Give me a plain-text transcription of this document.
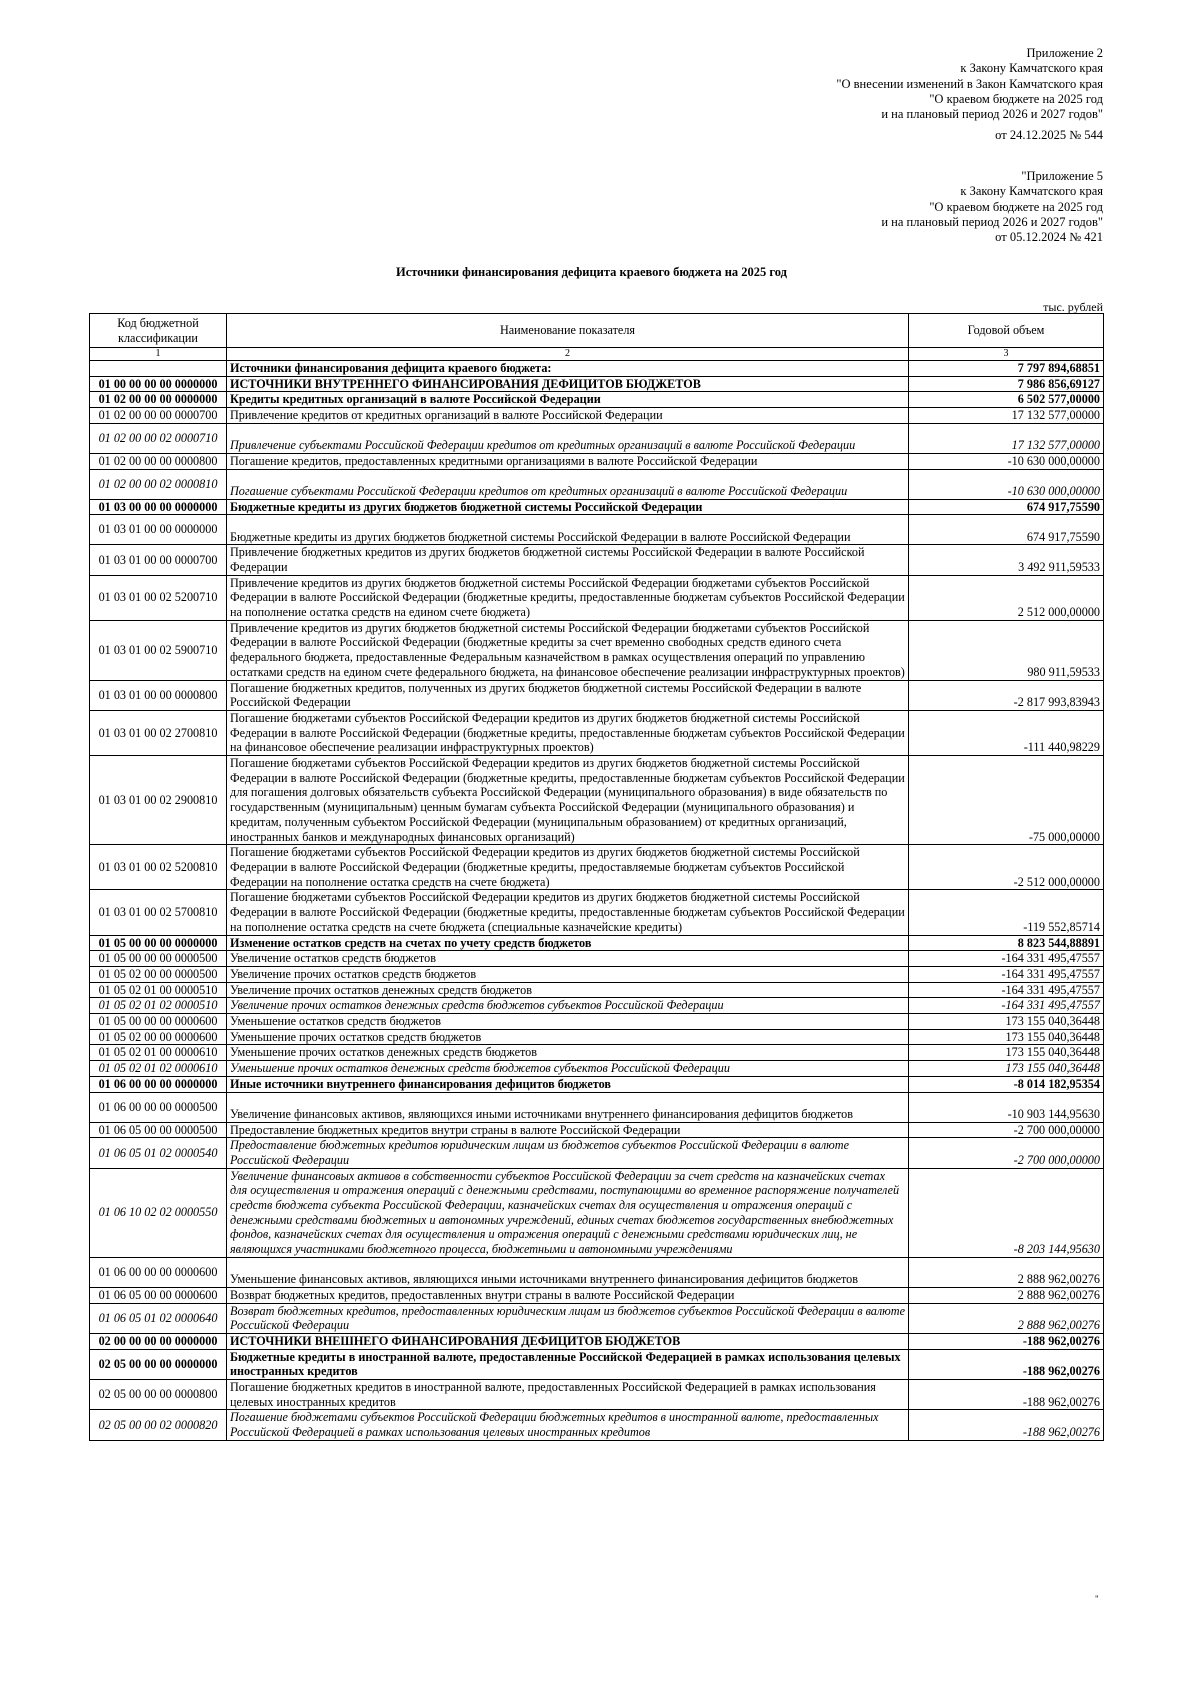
Приложение 2
к Закону Камчатского края
"О внесении изменений в Закон Камчатского края
"О краевом бюджете на 2025 год
и на плановый период 2026 и 2027 годов"
от 24.12.2025 № 544
"Приложение 5
к Закону Камчатского края
"О краевом бюджете на 2025 год
и на плановый период 2026 и 2027 годов"
от 05.12.2024 № 421
Источники финансирования дефицита краевого бюджета на 2025 год
тыс. рублей
Код бюджетной классификации	Наименование показателя	Годовой объем
1	2	3
	Источники финансирования дефицита краевого бюджета:	7 797 894,68851
01 00 00 00 00 0000000	ИСТОЧНИКИ ВНУТРЕННЕГО ФИНАНСИРОВАНИЯ ДЕФИЦИТОВ БЮДЖЕТОВ	7 986 856,69127
01 02 00 00 00 0000000	Кредиты кредитных организаций в валюте Российской Федерации	6 502 577,00000
01 02 00 00 00 0000700	Привлечение кредитов от кредитных организаций в валюте Российской Федерации	17 132 577,00000
01 02 00 00 02 0000710	Привлечение субъектами Российской Федерации кредитов от кредитных организаций в валюте Российской Федерации	17 132 577,00000
01 02 00 00 00 0000800	Погашение кредитов, предоставленных кредитными организациями в валюте Российской Федерации	-10 630 000,00000
01 02 00 00 02 0000810	Погашение субъектами Российской Федерации кредитов от кредитных организаций в валюте Российской Федерации	-10 630 000,00000
01 03 00 00 00 0000000	Бюджетные кредиты из других бюджетов бюджетной системы Российской Федерации	674 917,75590
01 03 01 00 00 0000000	Бюджетные кредиты из других бюджетов бюджетной системы Российской Федерации в валюте Российской Федерации	674 917,75590
01 03 01 00 00 0000700	Привлечение бюджетных кредитов из других бюджетов бюджетной системы Российской Федерации в валюте Российской Федерации	3 492 911,59533
01 03 01 00 02 5200710	Привлечение кредитов из других бюджетов бюджетной системы Российской Федерации бюджетами субъектов Российской Федерации в валюте Российской Федерации (бюджетные кредиты, предоставленные бюджетам субъектов Российской Федерации на пополнение остатка средств на едином счете бюджета)	2 512 000,00000
01 03 01 00 02 5900710	Привлечение кредитов из других бюджетов бюджетной системы Российской Федерации бюджетами субъектов Российской Федерации в валюте Российской Федерации (бюджетные кредиты за счет временно свободных средств единого счета федерального бюджета, предоставленные Федеральным казначейством в рамках осуществления операций по управлению остатками средств на едином счете федерального бюджета, на финансовое обеспечение реализации инфраструктурных проектов)	980 911,59533
01 03 01 00 00 0000800	Погашение бюджетных кредитов, полученных из других бюджетов бюджетной системы Российской Федерации в валюте Российской Федерации	-2 817 993,83943
01 03 01 00 02 2700810	Погашение бюджетами субъектов Российской Федерации кредитов из других бюджетов бюджетной системы Российской Федерации в валюте Российской Федерации (бюджетные кредиты, предоставленные бюджетам субъектов Российской Федерации на финансовое обеспечение реализации инфраструктурных проектов)	-111 440,98229
01 03 01 00 02 2900810	Погашение бюджетами субъектов Российской Федерации кредитов из других бюджетов бюджетной системы Российской Федерации в валюте Российской Федерации (бюджетные кредиты, предоставленные бюджетам субъектов Российской Федерации для погашения долговых обязательств субъекта Российской Федерации (муниципального образования) в виде обязательств по государственным (муниципальным) ценным бумагам субъекта Российской Федерации (муниципального образования) и кредитам, полученным субъектом Российской Федерации (муниципальным образованием) от кредитных организаций, иностранных банков и международных финансовых организаций)	-75 000,00000
01 03 01 00 02 5200810	Погашение бюджетами субъектов Российской Федерации кредитов из других бюджетов бюджетной системы Российской Федерации в валюте Российской Федерации (бюджетные кредиты, предоставляемые бюджетам субъектов Российской Федерации на пополнение остатка средств на счете бюджета)	-2 512 000,00000
01 03 01 00 02 5700810	Погашение бюджетами субъектов Российской Федерации кредитов из других бюджетов бюджетной системы Российской Федерации в валюте Российской Федерации (бюджетные кредиты, предоставленные бюджетам субъектов Российской Федерации на пополнение остатка средств на счете бюджета (специальные казначейские кредиты)	-119 552,85714
01 05 00 00 00 0000000	Изменение остатков средств на счетах по учету средств бюджетов	8 823 544,88891
01 05 00 00 00 0000500	Увеличение остатков средств бюджетов	-164 331 495,47557
01 05 02 00 00 0000500	Увеличение прочих остатков средств бюджетов	-164 331 495,47557
01 05 02 01 00 0000510	Увеличение прочих остатков денежных средств бюджетов	-164 331 495,47557
01 05 02 01 02 0000510	Увеличение прочих остатков денежных средств бюджетов субъектов Российской Федерации	-164 331 495,47557
01 05 00 00 00 0000600	Уменьшение остатков средств бюджетов	173 155 040,36448
01 05 02 00 00 0000600	Уменьшение прочих остатков средств бюджетов	173 155 040,36448
01 05 02 01 00 0000610	Уменьшение прочих остатков денежных средств бюджетов	173 155 040,36448
01 05 02 01 02 0000610	Уменьшение прочих остатков денежных средств бюджетов субъектов Российской Федерации	173 155 040,36448
01 06 00 00 00 0000000	Иные источники внутреннего финансирования дефицитов бюджетов	-8 014 182,95354
01 06 00 00 00 0000500	Увеличение финансовых активов, являющихся иными источниками внутреннего финансирования дефицитов бюджетов	-10 903 144,95630
01 06 05 00 00 0000500	Предоставление бюджетных кредитов внутри страны в валюте Российской Федерации	-2 700 000,00000
01 06 05 01 02 0000540	Предоставление бюджетных кредитов юридическим лицам из бюджетов субъектов Российской Федерации в валюте Российской Федерации	-2 700 000,00000
01 06 10 02 02 0000550	Увеличение финансовых активов в собственности субъектов Российской Федерации за счет средств на казначейских счетах для осуществления и отражения операций с денежными средствами, поступающими во временное распоряжение получателей средств бюджета субъекта Российской Федерации, казначейских счетах для осуществления и отражения операций с денежными средствами бюджетных и автономных учреждений, единых счетах бюджетов государственных внебюджетных фондов, казначейских счетах для осуществления и отражения операций с денежными средствами юридических лиц, не являющихся участниками бюджетного процесса, бюджетными и автономными учреждениями	-8 203 144,95630
01 06 00 00 00 0000600	Уменьшение финансовых активов, являющихся иными источниками внутреннего финансирования дефицитов бюджетов	2 888 962,00276
01 06 05 00 00 0000600	Возврат бюджетных кредитов, предоставленных внутри страны в валюте Российской Федерации	2 888 962,00276
01 06 05 01 02 0000640	Возврат бюджетных кредитов, предоставленных юридическим лицам из бюджетов субъектов Российской Федерации в валюте Российской Федерации	2 888 962,00276
02 00 00 00 00 0000000	ИСТОЧНИКИ ВНЕШНЕГО ФИНАНСИРОВАНИЯ ДЕФИЦИТОВ БЮДЖЕТОВ	-188 962,00276
02 05 00 00 00 0000000	Бюджетные кредиты в иностранной валюте, предоставленные Российской Федерацией в рамках использования целевых иностранных кредитов	-188 962,00276
02 05 00 00 00 0000800	Погашение бюджетных кредитов в иностранной валюте, предоставленных Российской Федерацией в рамках использования целевых иностранных кредитов	-188 962,00276
02 05 00 00 02 0000820	Погашение бюджетами субъектов Российской Федерации бюджетных кредитов в иностранной валюте, предоставленных Российской Федерацией в рамках использования целевых иностранных кредитов	-188 962,00276
"
